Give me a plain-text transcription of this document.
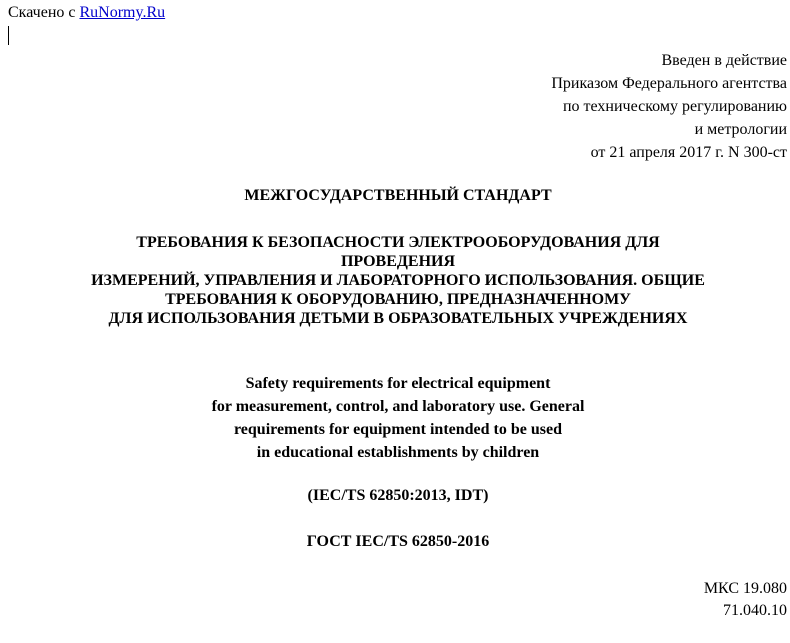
Скачено с RuNormy.Ru
Введен в действие
Приказом Федерального агентства
по техническому регулированию
и метрологии
от 21 апреля 2017 г. N 300-ст
МЕЖГОСУДАРСТВЕННЫЙ СТАНДАРТ
ТРЕБОВАНИЯ К БЕЗОПАСНОСТИ ЭЛЕКТРООБОРУДОВАНИЯ ДЛЯ
ПРОВЕДЕНИЯ
ИЗМЕРЕНИЙ, УПРАВЛЕНИЯ И ЛАБОРАТОРНОГО ИСПОЛЬЗОВАНИЯ. ОБЩИЕ
ТРЕБОВАНИЯ К ОБОРУДОВАНИЮ, ПРЕДНАЗНАЧЕННОМУ
ДЛЯ ИСПОЛЬЗОВАНИЯ ДЕТЬМИ В ОБРАЗОВАТЕЛЬНЫХ УЧРЕЖДЕНИЯХ
Safety requirements for electrical equipment
for measurement, control, and laboratory use. General
requirements for equipment intended to be used
in educational establishments by children
(IEC/TS 62850:2013, IDT)
ГОСТ IEC/TS 62850-2016
МКС 19.080
71.040.10
